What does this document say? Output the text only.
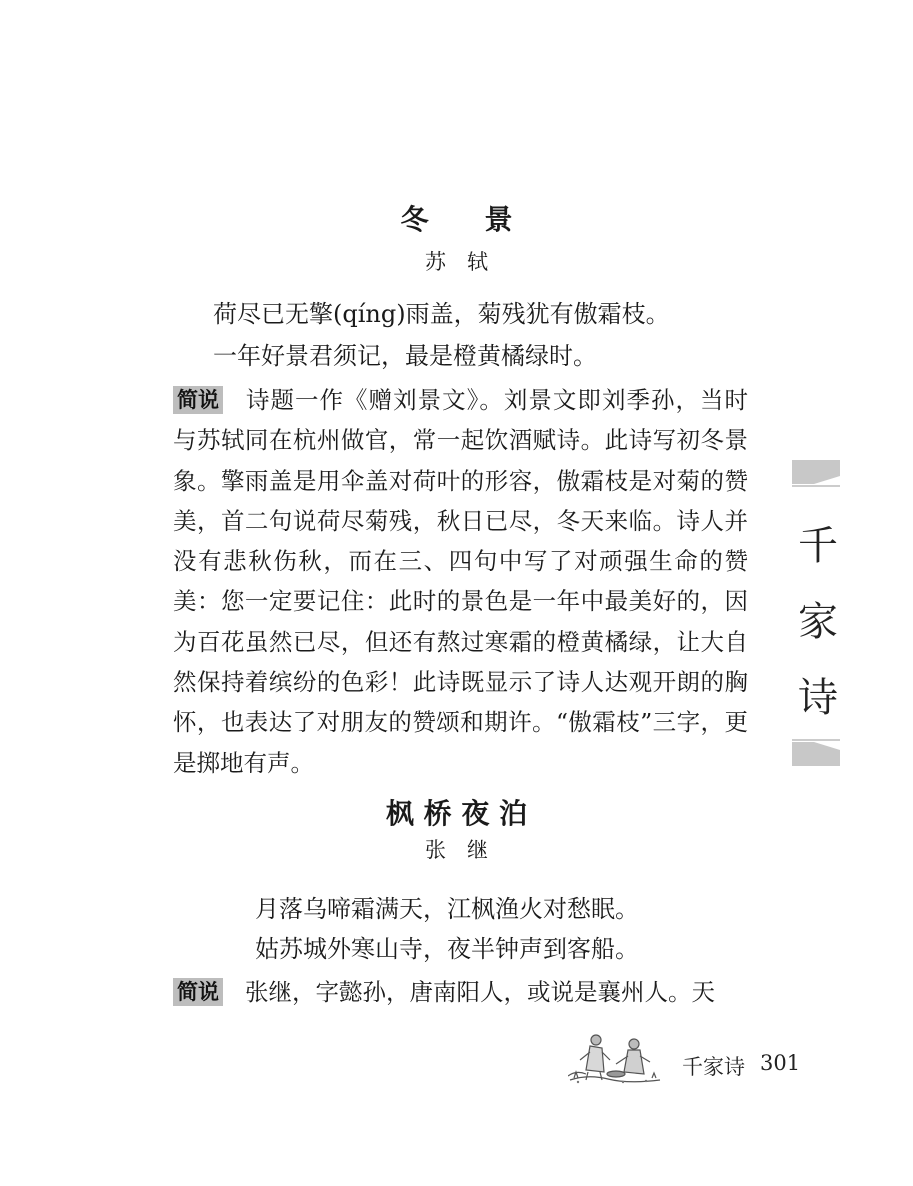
冬　　景
苏　轼
荷尽已无擎(qíng)雨盖，菊残犹有傲霜枝。
一年好景君须记，最是橙黄橘绿时。

简说 诗题一作《赠刘景文》。刘景文即刘季孙，当时与苏轼同在杭州做官，常一起饮酒赋诗。此诗写初冬景象。擎雨盖是用伞盖对荷叶的形容，傲霜枝是对菊的赞美，首二句说荷尽菊残，秋日已尽，冬天来临。诗人并没有悲秋伤秋，而在三、四句中写了对顽强生命的赞美：您一定要记住：此时的景色是一年中最美好的，因为百花虽然已尽，但还有熬过寒霜的橙黄橘绿，让大自然保持着缤纷的色彩！此诗既显示了诗人达观开朗的胸怀，也表达了对朋友的赞颂和期许。“傲霜枝”三字，更是掷地有声。

枫 桥 夜 泊
张　继
月落乌啼霜满天，江枫渔火对愁眠。
姑苏城外寒山寺，夜半钟声到客船。

简说 张继，字懿孙，唐南阳人，或说是襄州人。天

千
家
诗
千家诗 301
